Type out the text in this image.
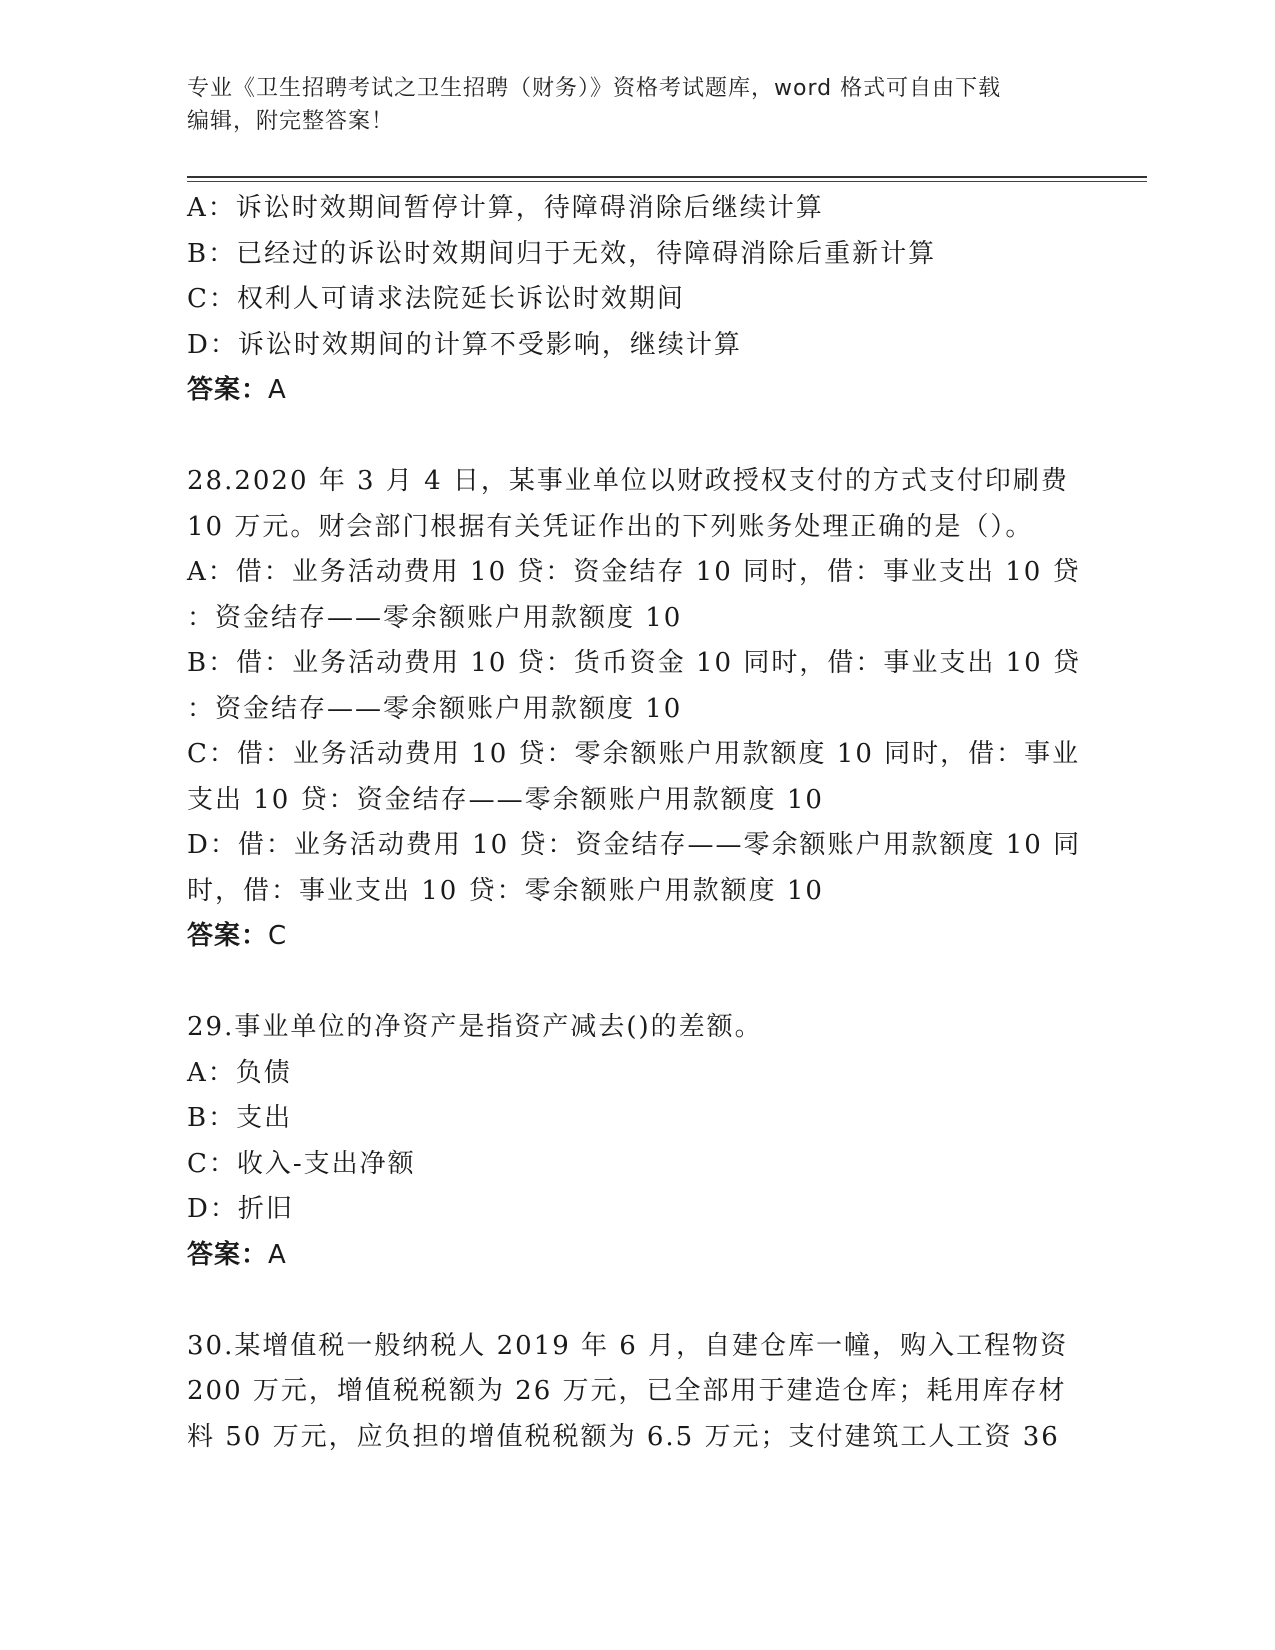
专业《卫生招聘考试之卫生招聘（财务）》资格考试题库，word 格式可自由下载
编辑，附完整答案！
A：诉讼时效期间暂停计算，待障碍消除后继续计算
B：已经过的诉讼时效期间归于无效，待障碍消除后重新计算
C：权利人可请求法院延长诉讼时效期间
D：诉讼时效期间的计算不受影响，继续计算
答案：A
28.2020 年 3 月 4 日，某事业单位以财政授权支付的方式支付印刷费
10 万元。财会部门根据有关凭证作出的下列账务处理正确的是（）。
A：借：业务活动费用 10 贷：资金结存 10 同时，借：事业支出 10 贷
：资金结存——零余额账户用款额度 10
B：借：业务活动费用 10 贷：货币资金 10 同时，借：事业支出 10 贷
：资金结存——零余额账户用款额度 10
C：借：业务活动费用 10 贷：零余额账户用款额度 10 同时，借：事业
支出 10 贷：资金结存——零余额账户用款额度 10
D：借：业务活动费用 10 贷：资金结存——零余额账户用款额度 10 同
时，借：事业支出 10 贷：零余额账户用款额度 10
答案：C
29.事业单位的净资产是指资产减去()的差额。
A：负债
B：支出
C：收入-支出净额
D：折旧
答案：A
30.某增值税一般纳税人 2019 年 6 月，自建仓库一幢，购入工程物资
200 万元，增值税税额为 26 万元，已全部用于建造仓库；耗用库存材
料 50 万元，应负担的增值税税额为 6.5 万元；支付建筑工人工资 36
